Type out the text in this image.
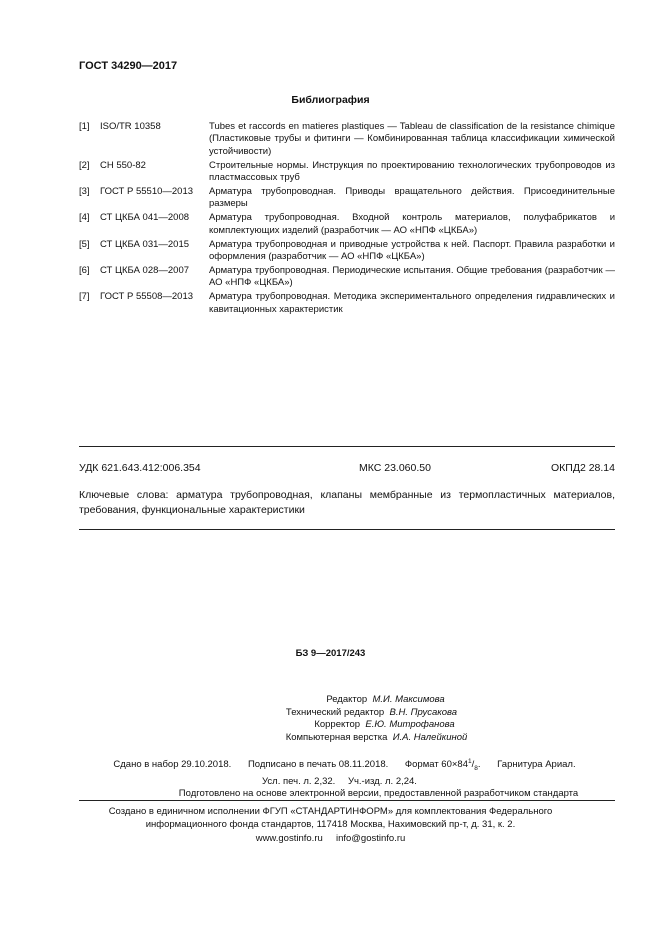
ГОСТ 34290—2017
Библиография
[1]	ISO/TR 10358	Tubes et raccords en matieres plastiques — Tableau de classification de la resistance chimique (Пластиковые трубы и фитинги — Комбинированная таблица классификации химической устойчивости)
[2]	СН 550-82	Строительные нормы. Инструкция по проектированию технологических трубопроводов из пластмассовых труб
[3]	ГОСТ Р 55510—2013	Арматура трубопроводная. Приводы вращательного действия. Присоединительные размеры
[4]	СТ ЦКБА 041—2008	Арматура трубопроводная. Входной контроль материалов, полуфабрикатов и комплектующих изделий (разработчик — АО «НПФ «ЦКБА»)
[5]	СТ ЦКБА 031—2015	Арматура трубопроводная и приводные устройства к ней. Паспорт. Правила разработки и оформления (разработчик — АО «НПФ «ЦКБА»)
[6]	СТ ЦКБА 028—2007	Арматура трубопроводная. Периодические испытания. Общие требования (разработчик — АО «НПФ «ЦКБА»)
[7]	ГОСТ Р 55508—2013	Арматура трубопроводная. Методика экспериментального определения гидравлических и кавитационных характеристик
УДК 621.643.412:006.354	МКС 23.060.50	ОКПД2 28.14
Ключевые слова: арматура трубопроводная, клапаны мембранные из термопластичных материалов, требования, функциональные характеристики
БЗ 9—2017/243
Редактор М.И. Максимова
Технический редактор В.Н. Прусакова
Корректор Е.Ю. Митрофанова
Компьютерная верстка И.А. Налейкиной
Сдано в набор 29.10.2018. Подписано в печать 08.11.2018. Формат $60\times 84^1/_8$. Гарнитура Ариал.
Усл. печ. л. 2,32. Уч.-изд. л. 2,24.
Подготовлено на основе электронной версии, предоставленной разработчиком стандарта
Создано в единичном исполнении ФГУП «СТАНДАРТИНФОРМ» для комплектования Федерального
информационного фонда стандартов, 117418 Москва, Нахимовский пр-т, д. 31, к. 2.
www.gostinfo.ru info@gostinfo.ru
